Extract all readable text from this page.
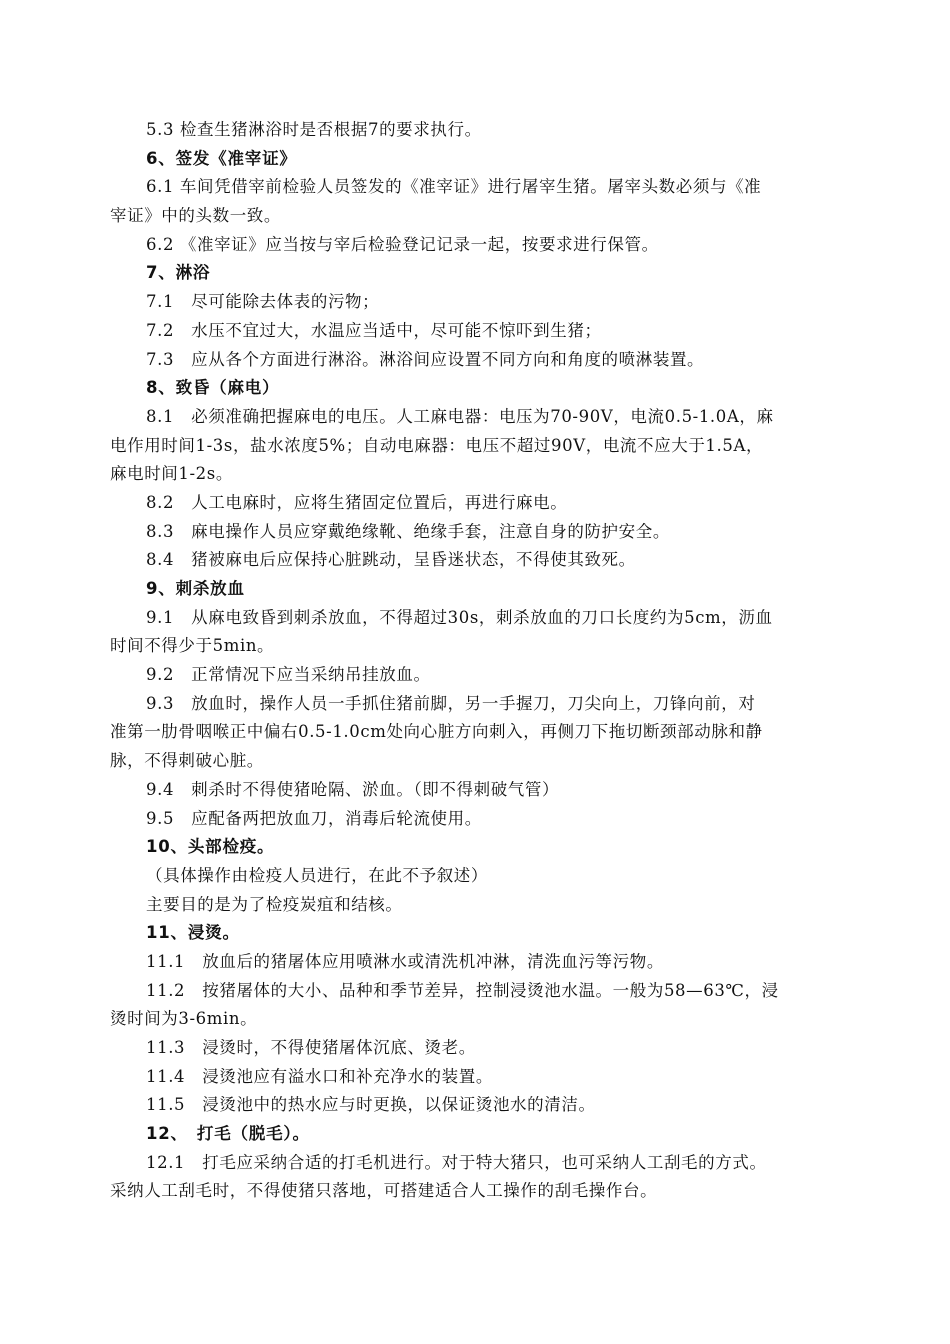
5.3 检查生猪淋浴时是否根据7的要求执行。
6、签发《准宰证》
6.1 车间凭借宰前检验人员签发的《准宰证》进行屠宰生猪。屠宰头数必须与《准
宰证》中的头数一致。
6.2 《准宰证》应当按与宰后检验登记记录一起，按要求进行保管。
7、淋浴
7.1　尽可能除去体表的污物；
7.2　水压不宜过大，水温应当适中，尽可能不惊吓到生猪；
7.3　应从各个方面进行淋浴。淋浴间应设置不同方向和角度的喷淋装置。
8、致昏（麻电）
8.1　必须准确把握麻电的电压。人工麻电器：电压为70-90V，电流0.5-1.0A，麻
电作用时间1-3s，盐水浓度5%；自动电麻器：电压不超过90V，电流不应大于1.5A，
麻电时间1-2s。
8.2　人工电麻时，应将生猪固定位置后，再进行麻电。
8.3　麻电操作人员应穿戴绝缘靴、绝缘手套，注意自身的防护安全。
8.4　猪被麻电后应保持心脏跳动，呈昏迷状态，不得使其致死。
9、刺杀放血
9.1　从麻电致昏到刺杀放血，不得超过30s，刺杀放血的刀口长度约为5cm，沥血
时间不得少于5min。
9.2　正常情况下应当采纳吊挂放血。
9.3　放血时，操作人员一手抓住猪前脚，另一手握刀，刀尖向上，刀锋向前，对
准第一肋骨咽喉正中偏右0.5-1.0cm处向心脏方向刺入，再侧刀下拖切断颈部动脉和静
脉，不得刺破心脏。
9.4　刺杀时不得使猪呛隔、淤血。（即不得刺破气管）
9.5　应配备两把放血刀，消毒后轮流使用。
10、头部检疫。
（具体操作由检疫人员进行，在此不予叙述）
主要目的是为了检疫炭疽和结核。
11、浸烫。
11.1　放血后的猪屠体应用喷淋水或清洗机冲淋，清洗血污等污物。
11.2　按猪屠体的大小、品种和季节差异，控制浸烫池水温。一般为58—63℃，浸
烫时间为3-6min。
11.3　浸烫时，不得使猪屠体沉底、烫老。
11.4　浸烫池应有溢水口和补充净水的装置。
11.5　浸烫池中的热水应与时更换，以保证烫池水的清洁。
12、　打毛（脱毛）。
12.1　打毛应采纳合适的打毛机进行。对于特大猪只，也可采纳人工刮毛的方式。
采纳人工刮毛时，不得使猪只落地，可搭建适合人工操作的刮毛操作台。
